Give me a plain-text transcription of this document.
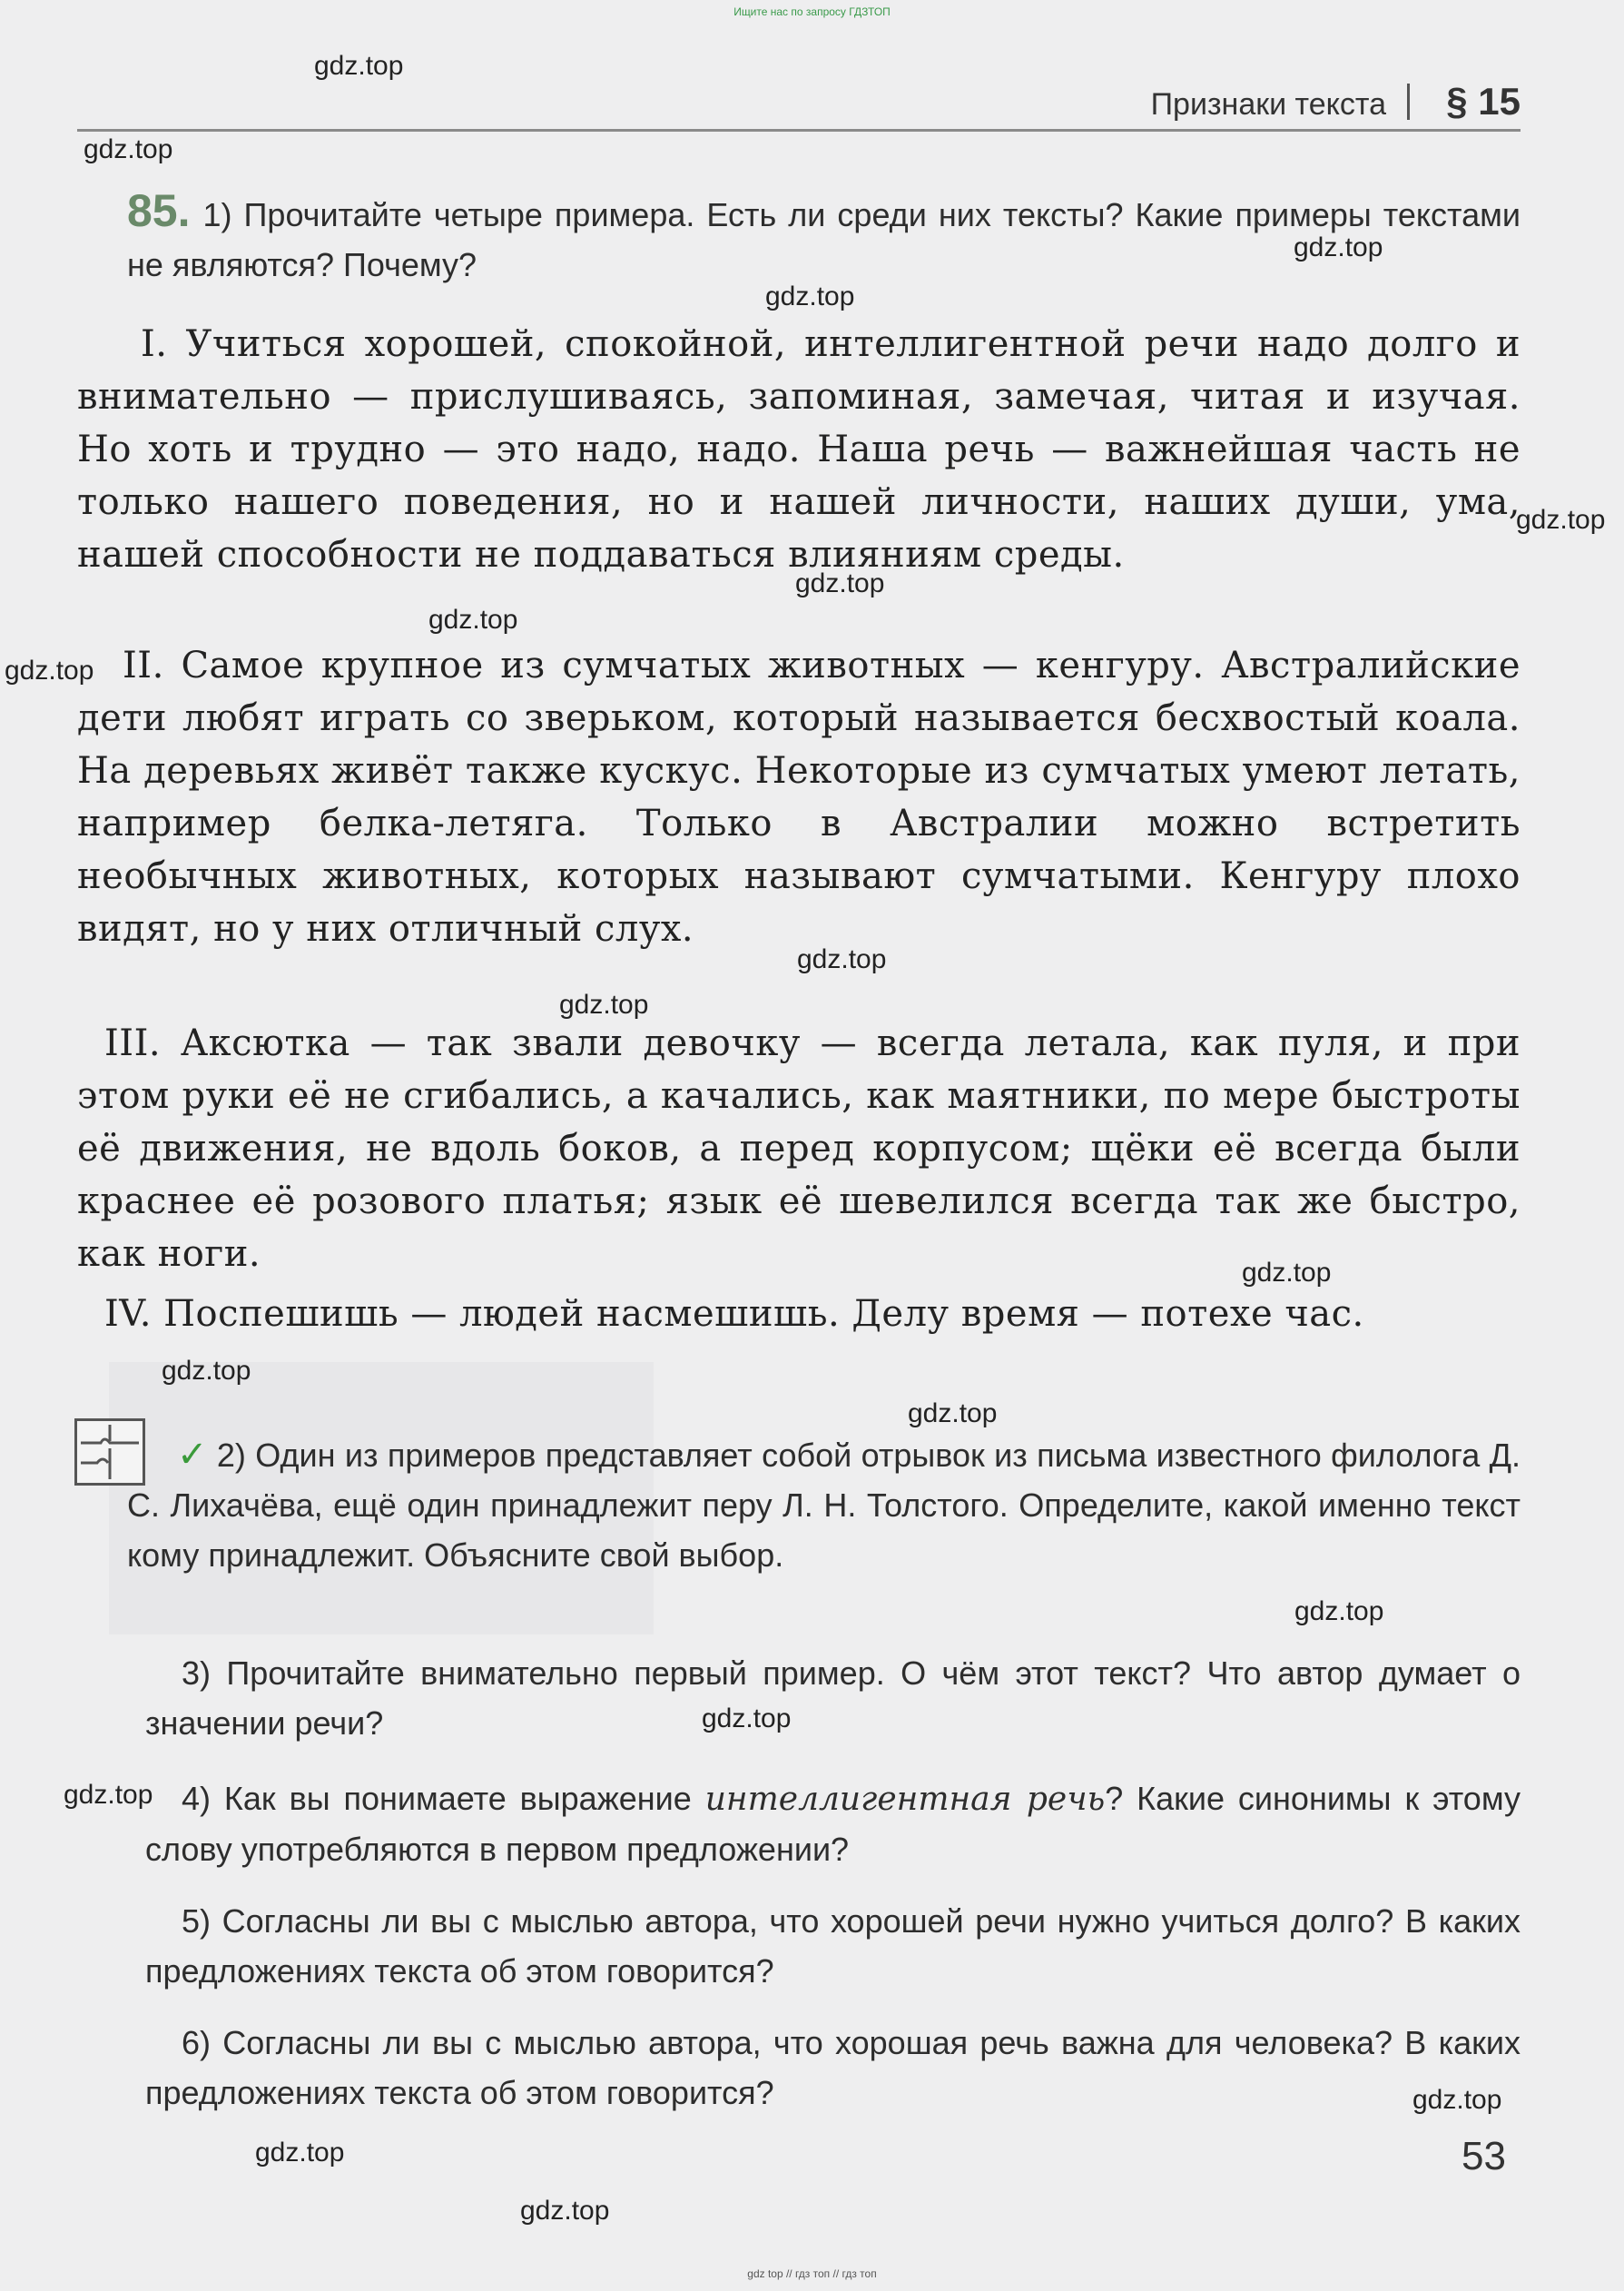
Ищите нас по запросу ГДЗТОП
Признаки текста § 15
85. 1) Прочитайте четыре примера. Есть ли среди них тексты? Какие примеры текстами не являются? Почему?
I. Учиться хорошей, спокойной, интеллигентной речи надо долго и внимательно — прислушиваясь, запоминая, замечая, читая и изучая. Но хоть и трудно — это надо, надо. Наша речь — важнейшая часть не только нашего поведения, но и нашей личности, наших души, ума, нашей способности не поддаваться влияниям среды.
II. Самое крупное из сумчатых животных — кенгуру. Австралийские дети любят играть со зверьком, который называется бесхвостый коала. На деревьях живёт также кускус. Некоторые из сумчатых умеют летать, например белка-летяга. Только в Австралии можно встретить необычных животных, которых называют сумчатыми. Кенгуру плохо видят, но у них отличный слух.
III. Аксютка — так звали девочку — всегда летала, как пуля, и при этом руки её не сгибались, а качались, как маятники, по мере быстроты её движения, не вдоль боков, а перед корпусом; щёки её всегда были краснее её розового платья; язык её шевелился всегда так же быстро, как ноги.
IV. Поспешишь — людей насмешишь. Делу время — потехе час.
✓ 2) Один из примеров представляет собой отрывок из письма известного филолога Д. С. Лихачёва, ещё один принадлежит перу Л. Н. Толстого. Определите, какой именно текст кому принадлежит. Объясните свой выбор.
3) Прочитайте внимательно первый пример. О чём этот текст? Что автор думает о значении речи?
4) Как вы понимаете выражение интеллигентная речь? Какие синонимы к этому слову употребляются в первом предложении?
5) Согласны ли вы с мыслью автора, что хорошей речи нужно учиться долго? В каких предложениях текста об этом говорится?
6) Согласны ли вы с мыслью автора, что хорошая речь важна для человека? В каких предложениях текста об этом говорится?
53
gdz top // гдз топ // гдз топ
gdz.top
gdz.top
gdz.top
gdz.top
gdz.top
gdz.top
gdz.top
gdz.top
gdz.top
gdz.top
gdz.top
gdz.top
gdz.top
gdz.top
gdz.top
gdz.top
gdz.top
gdz.top
gdz.top
